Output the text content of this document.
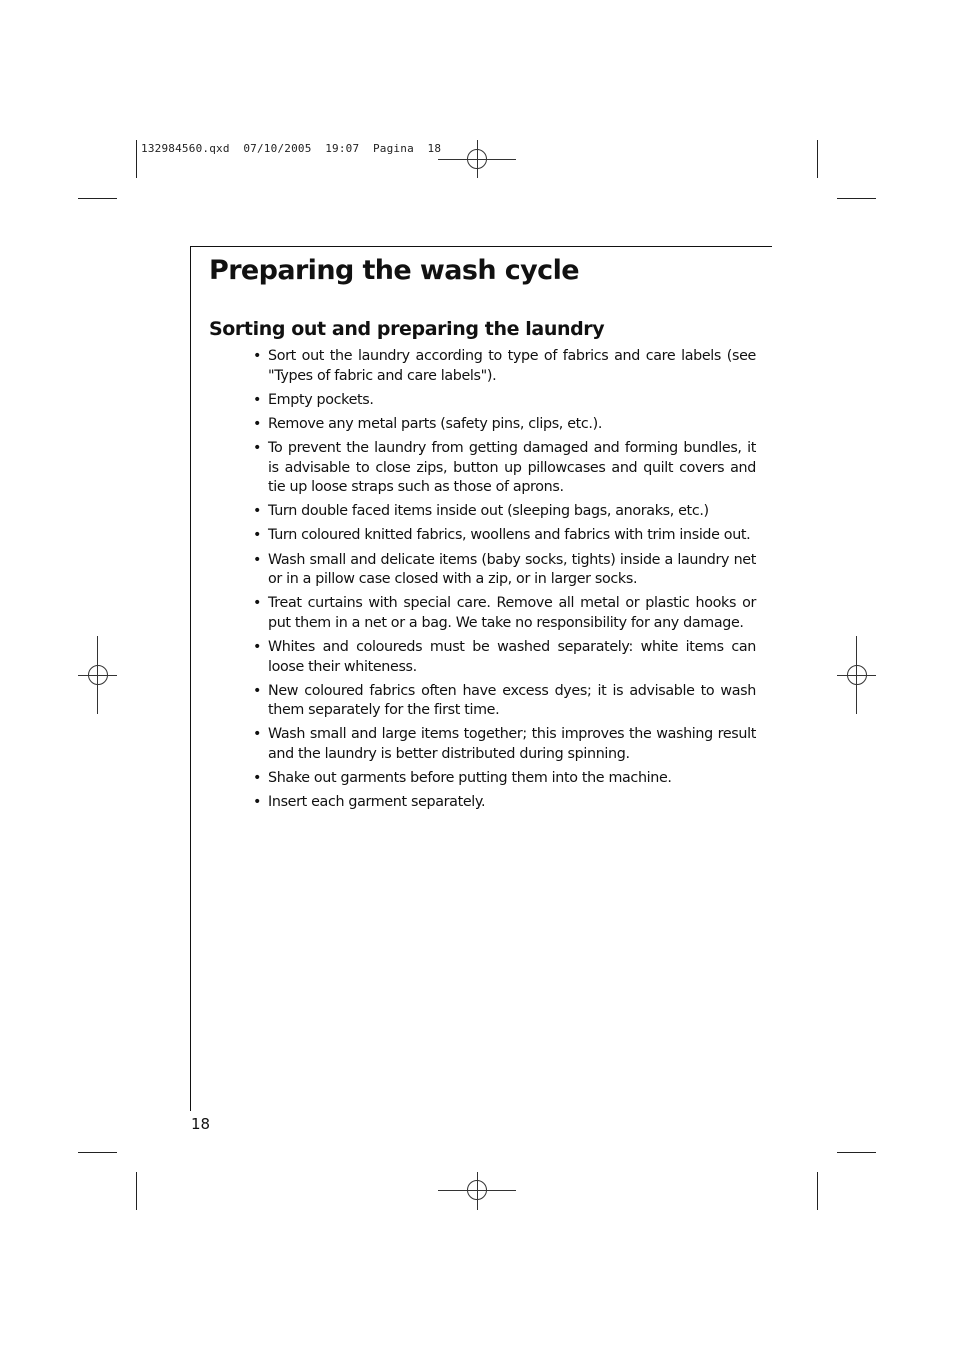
132984560.qxd  07/10/2005  19:07  Pagina  18
Preparing the wash cycle
Sorting out and preparing the laundry
• Sort out the laundry according to type of fabrics and care labels (see "Types of fabric and care labels").
• Empty pockets.
• Remove any metal parts (safety pins, clips, etc.).
• To prevent the laundry from getting damaged and forming bundles, it is advisable to close zips, button up pillowcases and quilt covers and tie up loose straps such as those of aprons.
• Turn double faced items inside out (sleeping bags, anoraks, etc.)
• Turn coloured knitted fabrics, woollens and fabrics with trim inside out.
• Wash small and delicate items (baby socks, tights) inside a laundry net or in a pillow case closed with a zip, or in larger socks.
• Treat curtains with special care. Remove all metal or plastic hooks or put them in a net or a bag. We take no responsibility for any damage.
• Whites and coloureds must be washed separately: white items can loose their whiteness.
• New coloured fabrics often have excess dyes; it is advisable to wash them separately for the first time.
• Wash small and large items together; this improves the washing result and the laundry is better distributed during spinning.
• Shake out garments before putting them into the machine.
• Insert each garment separately.
18
